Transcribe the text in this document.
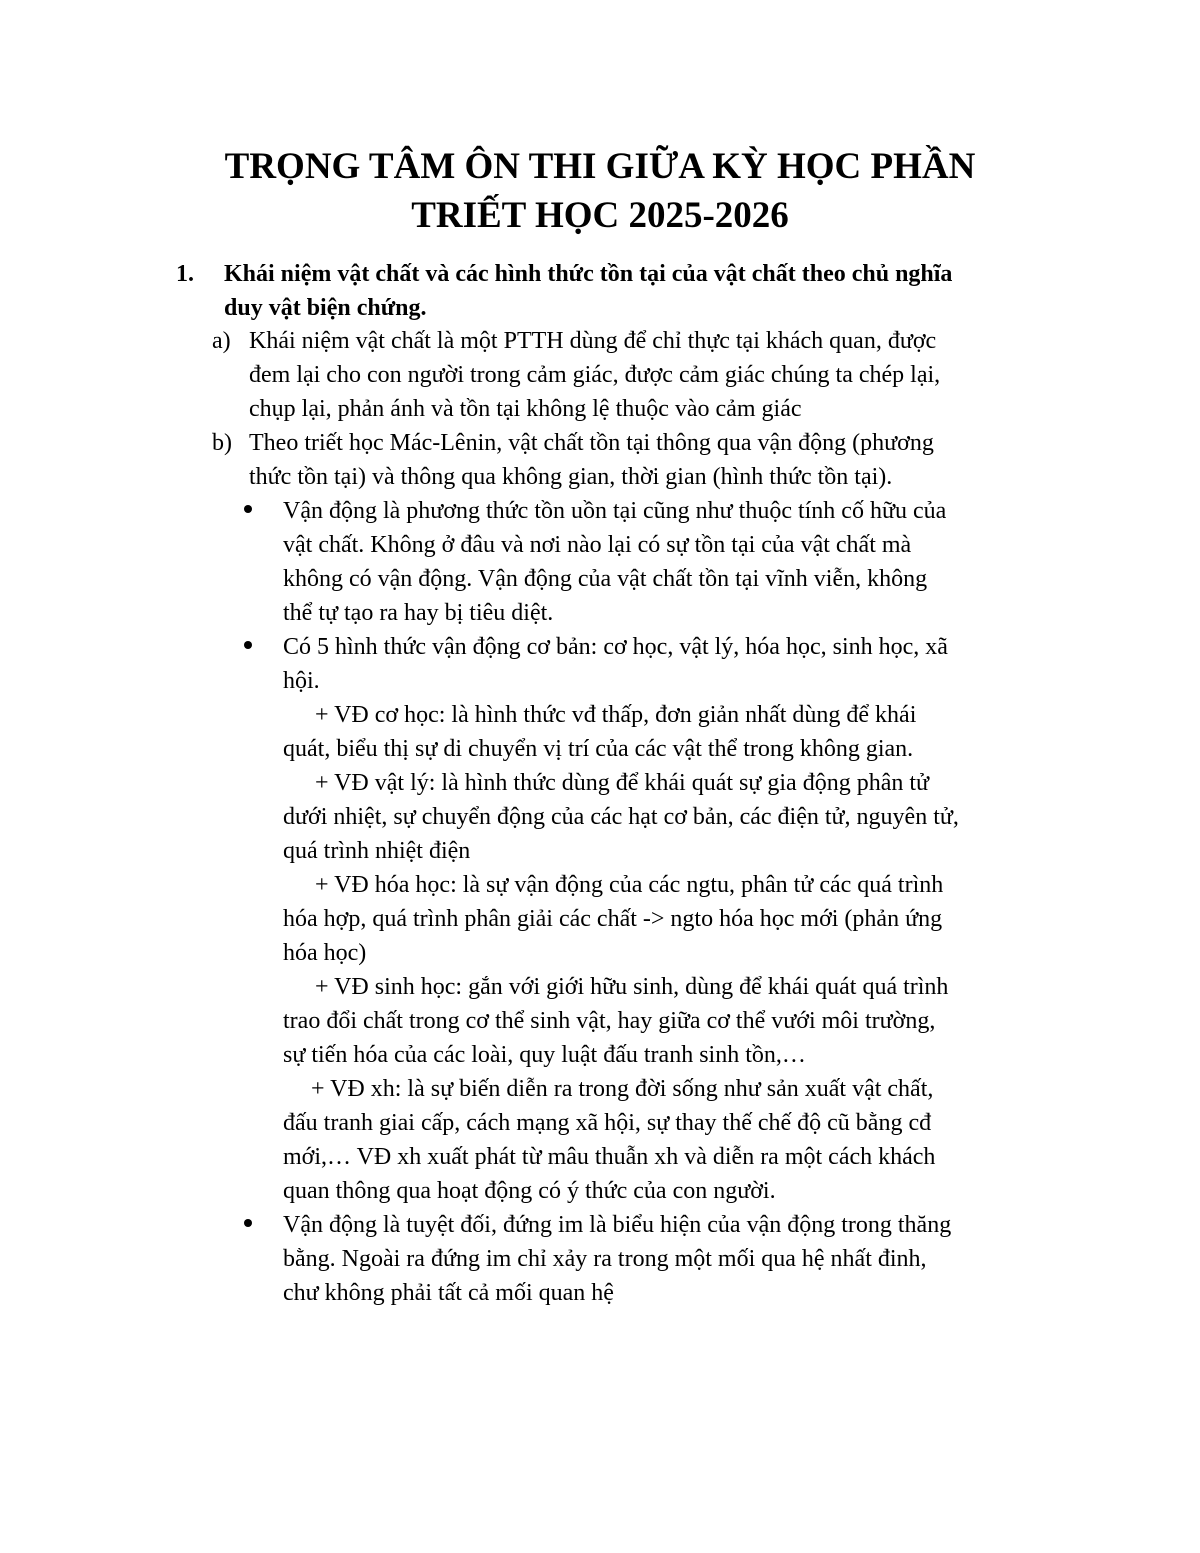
TRỌNG TÂM ÔN THI GIỮA KỲ HỌC PHẦN
TRIẾT HỌC 2025-2026
1. Khái niệm vật chất và các hình thức tồn tại của vật chất theo chủ nghĩa
duy vật biện chứng.
a) Khái niệm vật chất là một PTTH dùng để chỉ thực tại khách quan, được
đem lại cho con người trong cảm giác, được cảm giác chúng ta chép lại,
chụp lại, phản ánh và tồn tại không lệ thuộc vào cảm giác
b) Theo triết học Mác-Lênin, vật chất tồn tại thông qua vận động (phương
thức tồn tại) và thông qua không gian, thời gian (hình thức tồn tại).
Vận động là phương thức tồn uồn tại cũng như thuộc tính cố hữu của
vật chất. Không ở đâu và nơi nào lại có sự tồn tại của vật chất mà
không có vận động. Vận động của vật chất tồn tại vĩnh viễn, không
thể tự tạo ra hay bị tiêu diệt.
Có 5 hình thức vận động cơ bản: cơ học, vật lý, hóa học, sinh học, xã
hội.
+ VĐ cơ học: là hình thức vđ thấp, đơn giản nhất dùng để khái
quát, biểu thị sự di chuyển vị trí của các vật thể trong không gian.
+ VĐ vật lý: là hình thức dùng để khái quát sự gia động phân tử
dưới nhiệt, sự chuyển động của các hạt cơ bản, các điện tử, nguyên tử,
quá trình nhiệt điện
+ VĐ hóa học: là sự vận động của các ngtu, phân tử các quá trình
hóa hợp, quá trình phân giải các chất -> ngto hóa học mới (phản ứng
hóa học)
+ VĐ sinh học: gắn với giới hữu sinh, dùng để khái quát quá trình
trao đổi chất trong cơ thể sinh vật, hay giữa cơ thể vưới môi trường,
sự tiến hóa của các loài, quy luật đấu tranh sinh tồn,…
+ VĐ xh: là sự biến diễn ra trong đời sống như sản xuất vật chất,
đấu tranh giai cấp, cách mạng xã hội, sự thay thế chế độ cũ bằng cđ
mới,… VĐ xh xuất phát từ mâu thuẫn xh và diễn ra một cách khách
quan thông qua hoạt động có ý thức của con người.
Vận động là tuyệt đối, đứng im là biểu hiện của vận động trong thăng
bằng. Ngoài ra đứng im chỉ xảy ra trong một mối qua hệ nhất đinh,
chư không phải tất cả mối quan hệ
